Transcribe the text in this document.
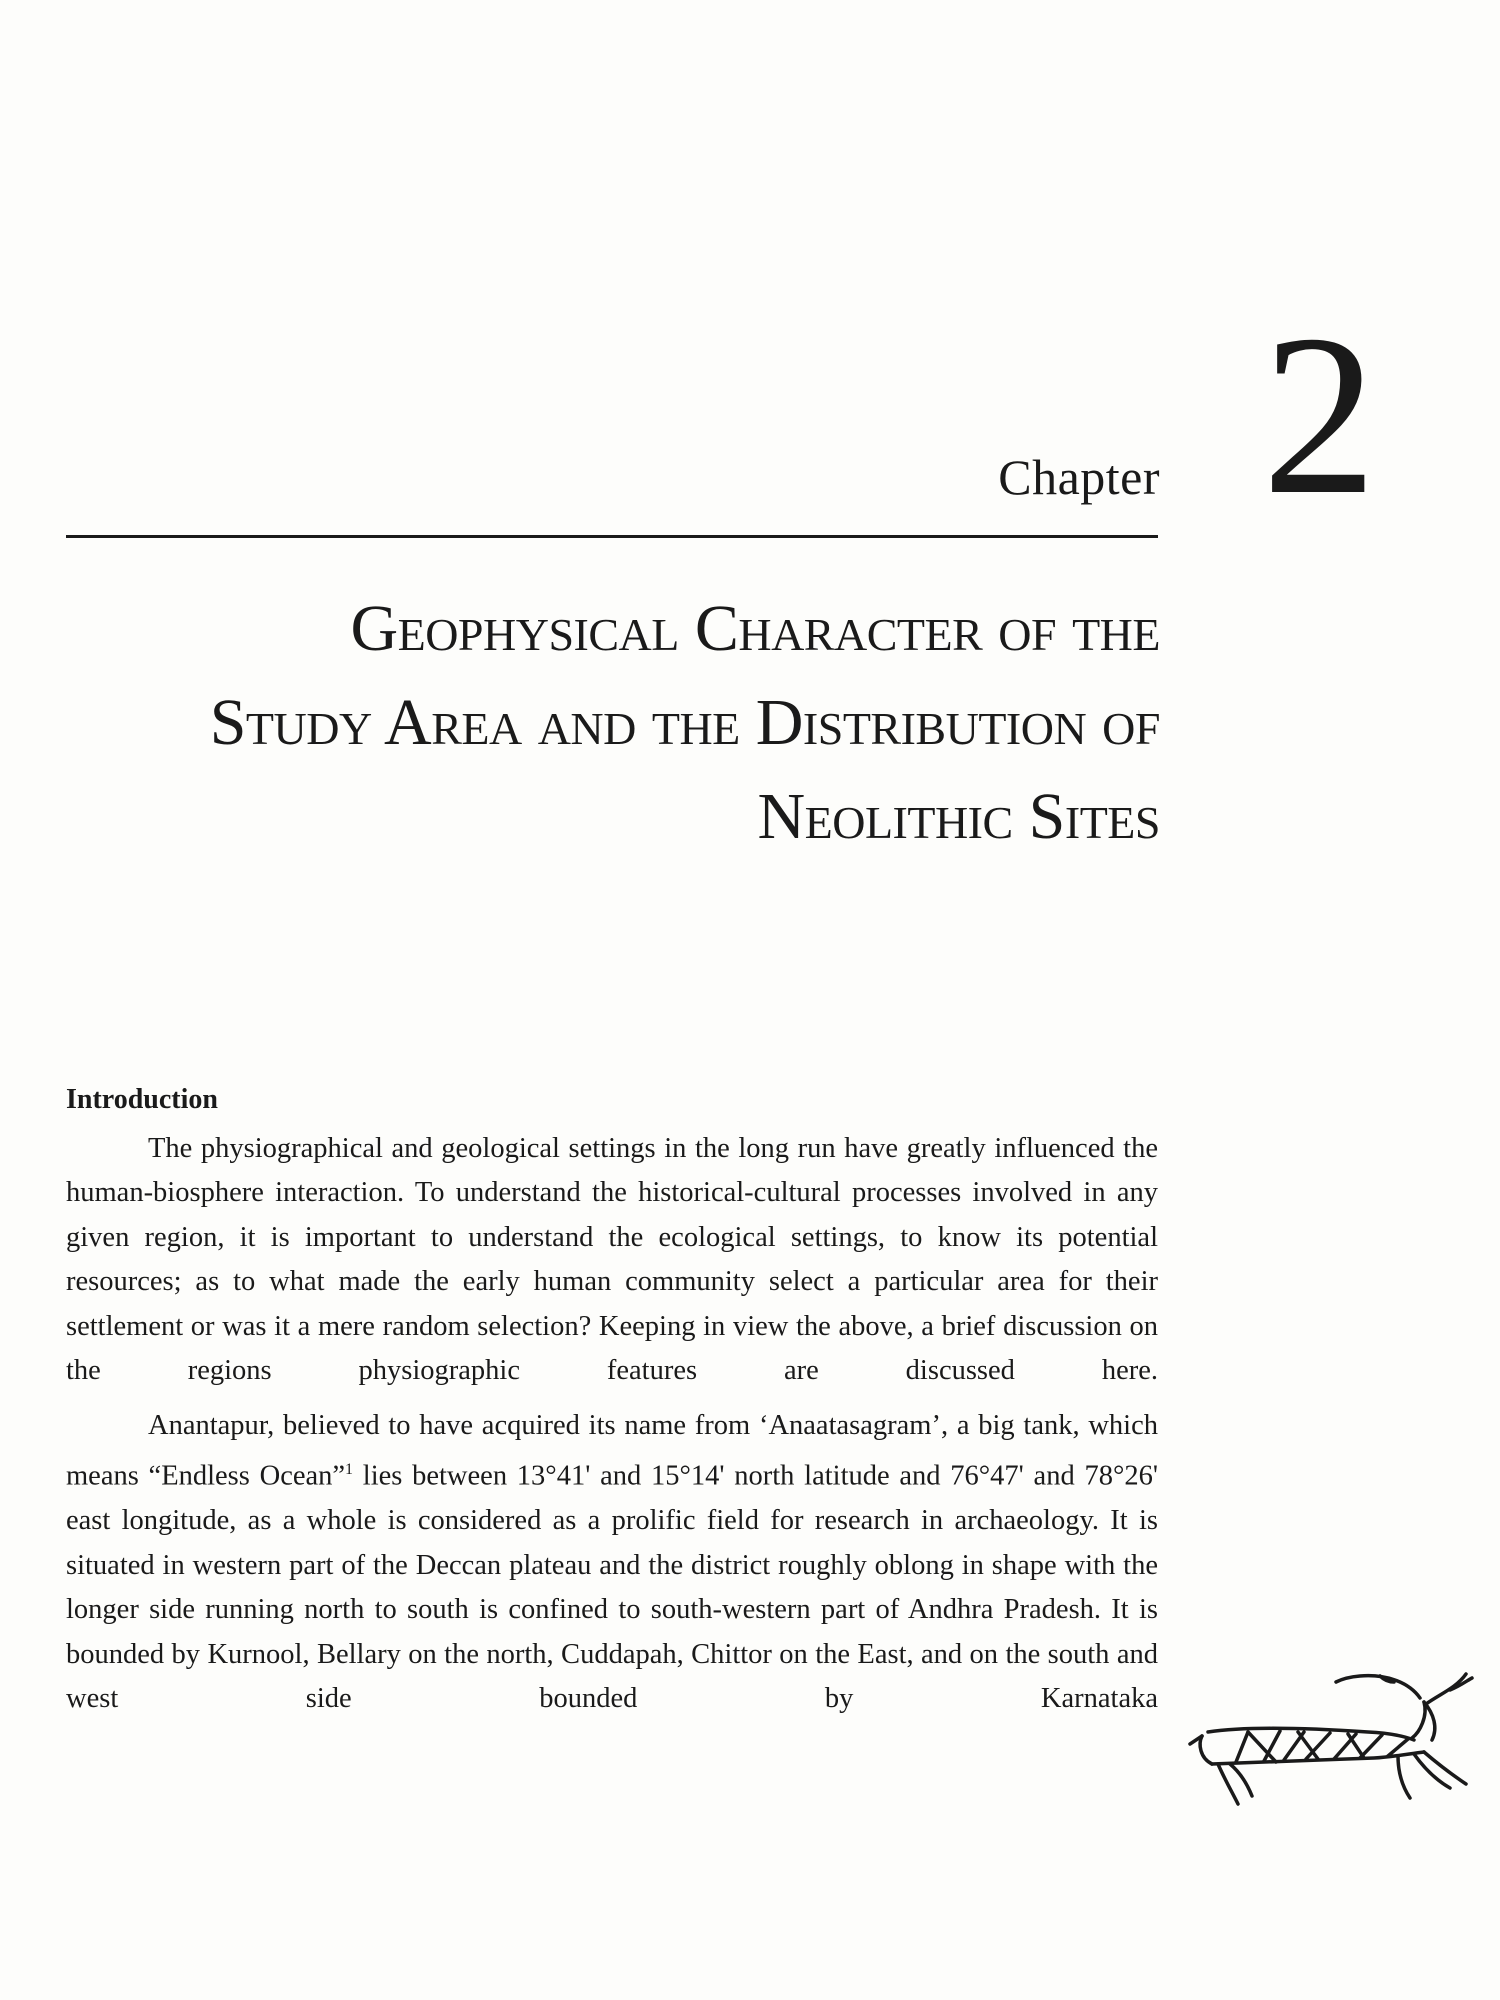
Chapter 2
Geophysical Character of the
Study Area and the Distribution of
Neolithic Sites

Introduction

The physiographical and geological settings in the long run have greatly influenced the human-biosphere interaction. To understand the historical-cultural processes involved in any given region, it is important to understand the ecological settings, to know its potential resources; as to what made the early human community select a particular area for their settlement or was it a mere random selection? Keeping in view the above, a brief discussion on the regions physiographic features are discussed here.

Anantapur, believed to have acquired its name from ‘Anaatasagram’, a big tank, which means “Endless Ocean”$^1$ lies between 13°41' and 15°14' north latitude and 76°47' and 78°26' east longitude, as a whole is considered as a prolific field for research in archaeology. It is situated in western part of the Deccan plateau and the district roughly oblong in shape with the longer side running north to south is confined to south-western part of Andhra Pradesh. It is bounded by Kurnool, Bellary on the north, Cuddapah, Chittor on the East, and on the south and west side bounded by Karnataka
